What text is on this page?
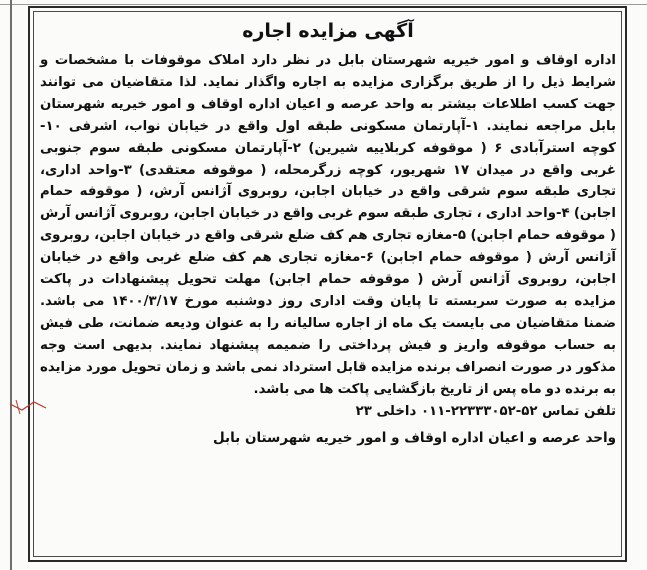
آگهی مزایده اجاره

اداره اوقاف و امور خیریه شهرستان بابل در نظر دارد املاک موقوفات با مشخصات و شرایط ذیل را از طریق برگزاری مزایده به اجاره واگذار نماید. لذا متقاضیان می توانند جهت کسب اطلاعات بیشتر به واحد عرصه و اعیان اداره اوقاف و امور خیریه شهرستان بابل مراجعه نمایند. ۱-آپارتمان مسکونی طبقه اول واقع در خیابان نواب، اشرفی ۱۰- کوچه استرآبادی ۶ ( موقوفه کربلاییه شیرین) ۲-آپارتمان مسکونی طبقه سوم جنوبی غربی واقع در میدان ۱۷ شهریور، کوچه زرگرمحله، ( موقوفه معتقدی) ۳-واحد اداری، تجاری طبقه سوم شرقی واقع در خیابان اجابن، روبروی آژانس آرش، ( موقوفه حمام اجابن) ۴-واحد اداری ، تجاری طبقه سوم غربی واقع در خیابان اجابن، روبروی آژانس آرش ( موقوفه حمام اجابن) ۵-مغازه تجاری هم کف ضلع شرقی واقع در خیابان اجابن، روبروی آژانس آرش ( موقوفه حمام اجابن) ۶-مغازه تجاری هم کف ضلع غربی واقع در خیابان اجابن، روبروی آژانس آرش ( موقوفه حمام اجابن) مهلت تحویل پیشنهادات در پاکت مزایده به صورت سربسته تا پایان وقت اداری روز دوشنبه مورخ ۱۴۰۰/۳/۱۷ می باشد. ضمنا متقاضیان می بایست یک ماه از اجاره سالیانه را به عنوان ودیعه ضمانت، طی فیش به حساب موقوفه واریز و فیش پرداختی را ضمیمه پیشنهاد نمایند. بدیهی است وجه مذکور در صورت انصراف برنده مزایده قابل استرداد نمی باشد و زمان تحویل مورد مزایده به برنده دو ماه پس از تاریخ بازگشایی پاکت ها می باشد.

تلفن تماس ۵۲-۲۲۳۳۳۰۵۲-۰۱۱ داخلی ۲۳

واحد عرصه و اعیان اداره اوقاف و امور خیریه شهرستان بابل
